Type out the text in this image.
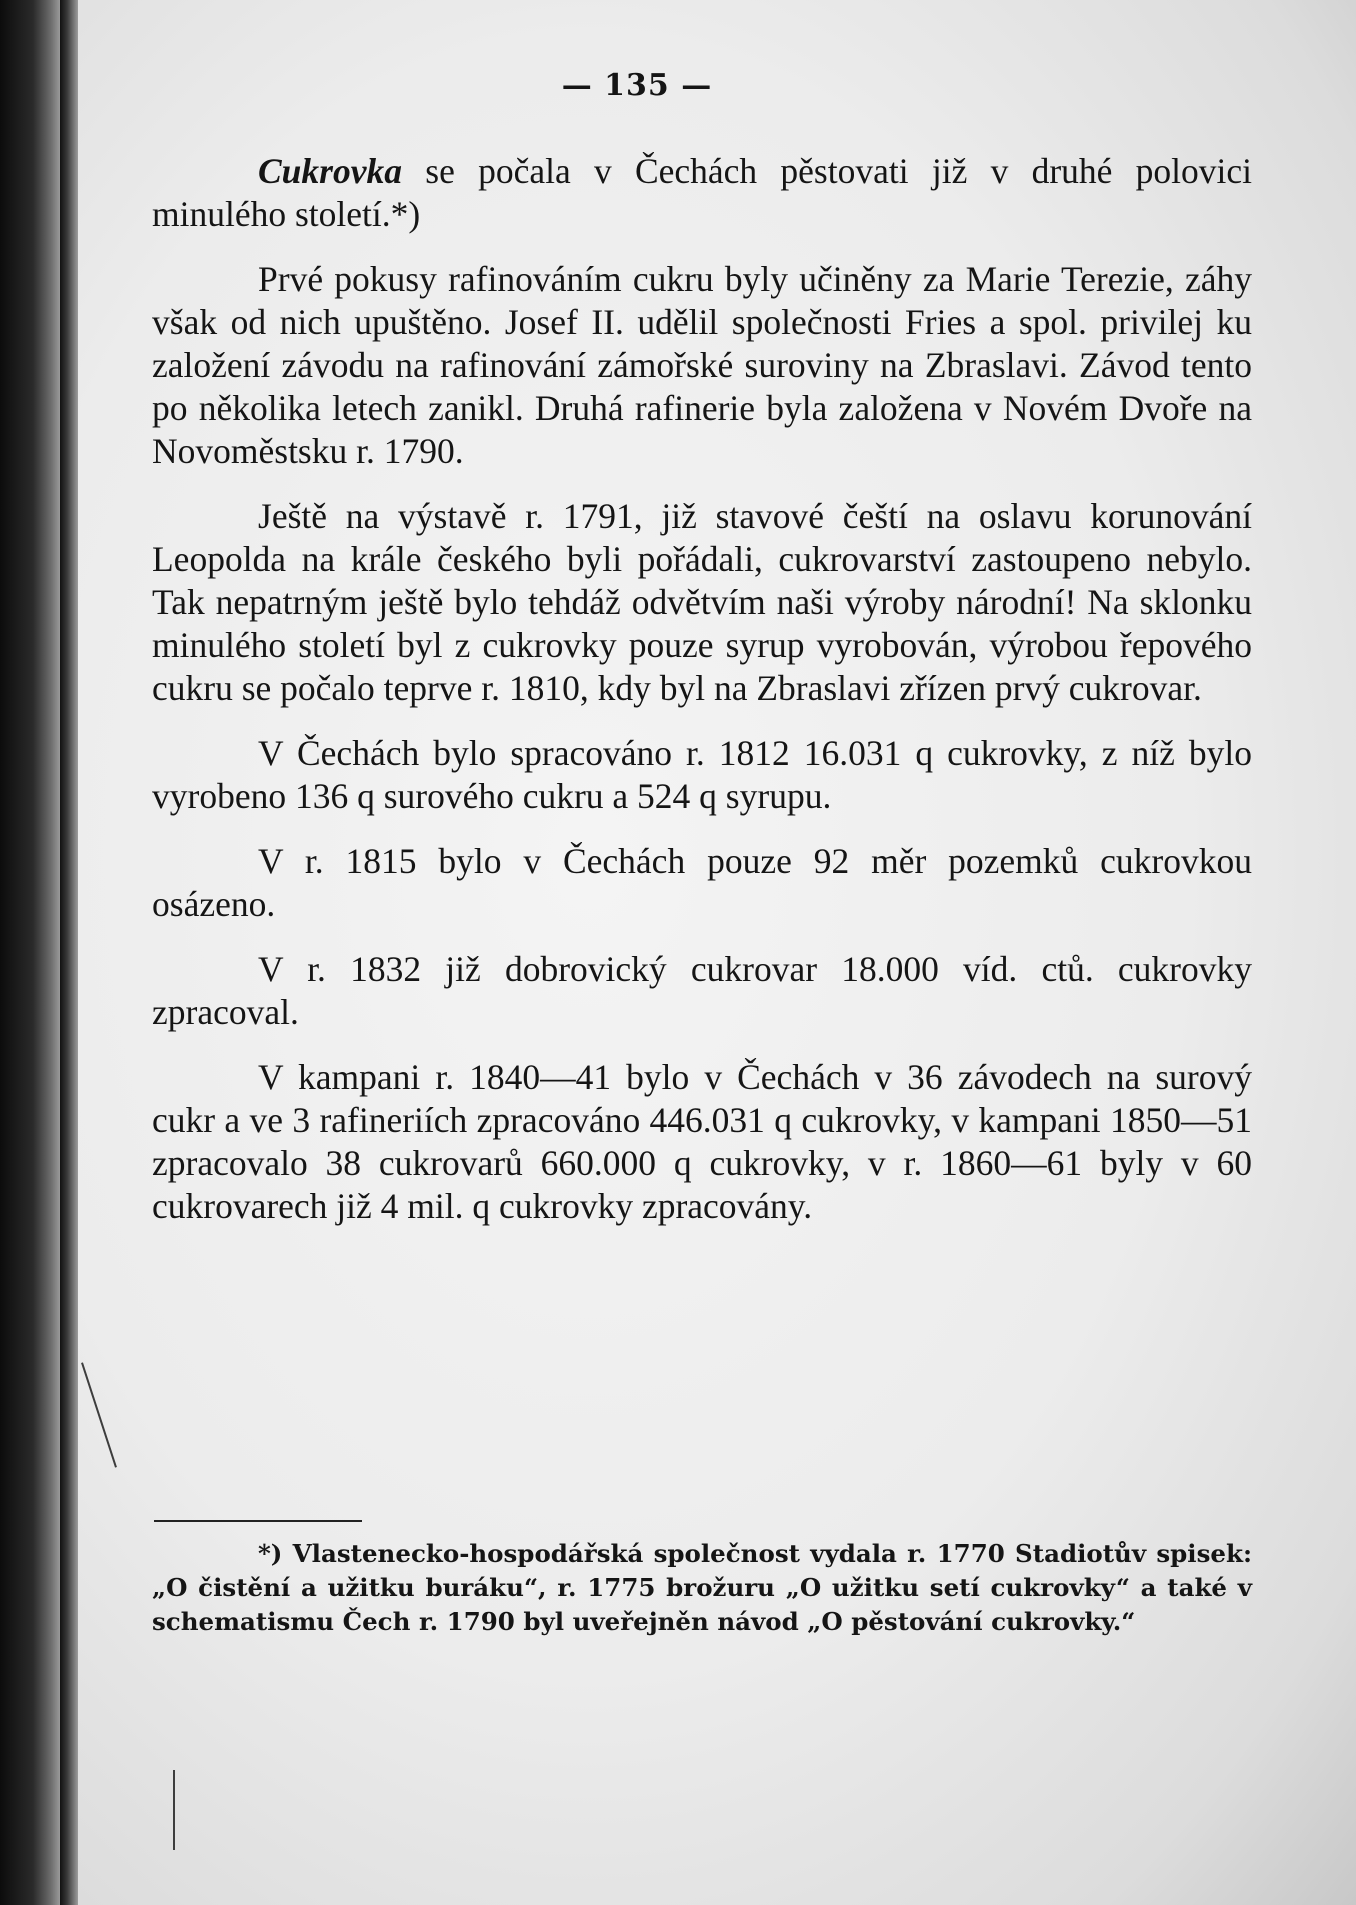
— 135 —

Cukrovka se počala v Čechách pěstovati již v druhé polovici minulého století.*)

Prvé pokusy rafinováním cukru byly učiněny za Marie Terezie, záhy však od nich upuštěno. Josef II. udělil společnosti Fries a spol. privilej ku založení závodu na rafinování zámořské suroviny na Zbraslavi. Závod tento po několika letech zanikl. Druhá rafinerie byla založena v Novém Dvoře na Novoměstsku r. 1790.

Ještě na výstavě r. 1791, již stavové čeští na oslavu korunování Leopolda na krále českého byli pořádali, cukrovarství zastoupeno nebylo. Tak nepatrným ještě bylo tehdáž odvětvím naši výroby národní! Na sklonku minulého století byl z cukrovky pouze syrup vyrobován, výrobou řepového cukru se počalo teprve r. 1810, kdy byl na Zbraslavi zřízen prvý cukrovar.

V Čechách bylo spracováno r. 1812 16.031 q cukrovky, z níž bylo vyrobeno 136 q surového cukru a 524 q syrupu.

V r. 1815 bylo v Čechách pouze 92 měr pozemků cukrovkou osázeno.

V r. 1832 již dobrovický cukrovar 18.000 víd. ctů. cukrovky zpracoval.

V kampani r. 1840—41 bylo v Čechách v 36 závodech na surový cukr a ve 3 rafineriích zpracováno 446.031 q cukrovky, v kampani 1850—51 zpracovalo 38 cukrovarů 660.000 q cukrovky, v r. 1860—61 byly v 60 cukrovarech již 4 mil. q cukrovky zpracovány.

*) Vlastenecko-hospodářská společnost vydala r. 1770 Stadiotův spisek: „O čistění a užitku buráku“, r. 1775 brožuru „O užitku setí cukrovky“ a také v schematismu Čech r. 1790 byl uveřejněn návod „O pěstování cukrovky.“
